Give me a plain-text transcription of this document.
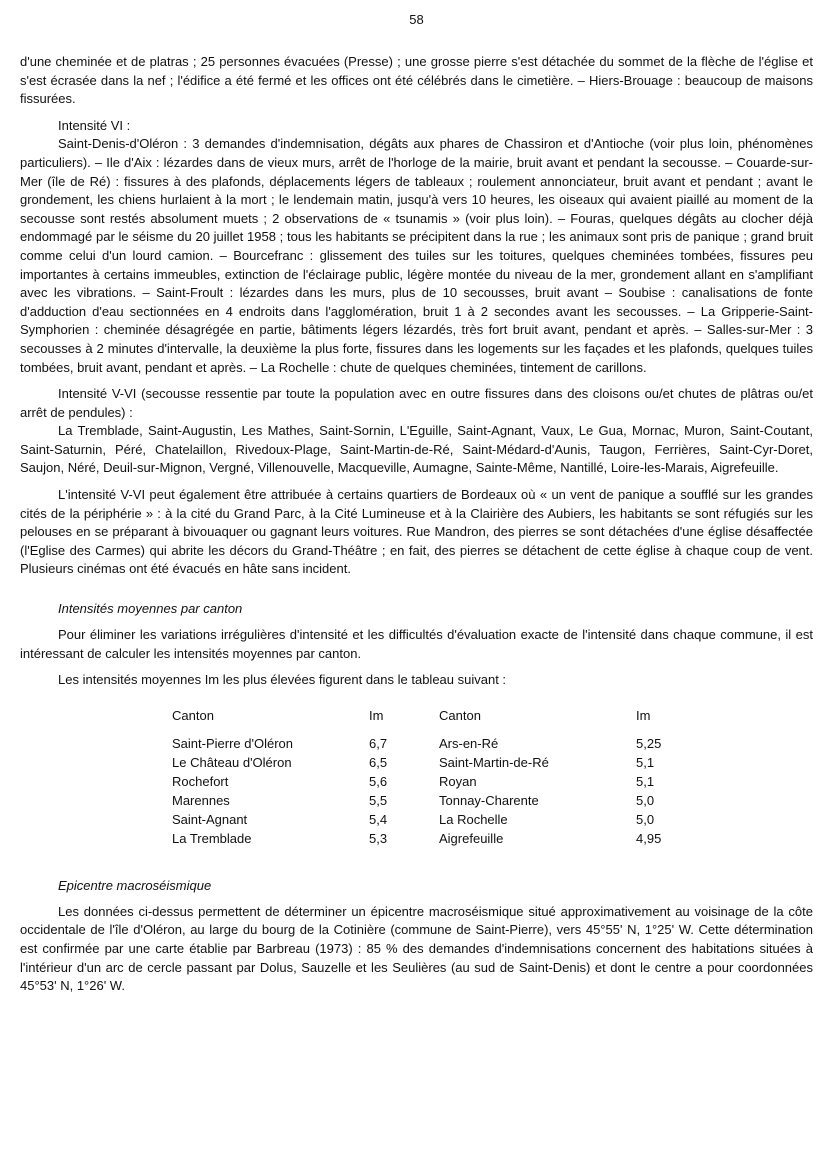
58

d'une cheminée et de platras ; 25 personnes évacuées (Presse) ; une grosse pierre s'est détachée du sommet de la flèche de l'église et s'est écrasée dans la nef ; l'édifice a été fermé et les offices ont été célébrés dans le cimetière. – Hiers-Brouage : beaucoup de maisons fissurées.

Intensité VI :

Saint-Denis-d'Oléron : 3 demandes d'indemnisation, dégâts aux phares de Chassiron et d'Antioche (voir plus loin, phénomènes particuliers). – Ile d'Aix : lézardes dans de vieux murs, arrêt de l'horloge de la mairie, bruit avant et pendant la secousse. – Couarde-sur-Mer (île de Ré) : fissures à des plafonds, déplacements légers de tableaux ; roulement annonciateur, bruit avant et pendant ; avant le grondement, les chiens hurlaient à la mort ; le lendemain matin, jusqu'à vers 10 heures, les oiseaux qui avaient piaillé au moment de la secousse sont restés absolument muets ; 2 observations de « tsunamis » (voir plus loin). – Fouras, quelques dégâts au clocher déjà endommagé par le séisme du 20 juillet 1958 ; tous les habitants se précipitent dans la rue ; les animaux sont pris de panique ; grand bruit comme celui d'un lourd camion. – Bourcefranc : glissement des tuiles sur les toitures, quelques cheminées tombées, fissures peu importantes à certains immeubles, extinction de l'éclairage public, légère montée du niveau de la mer, grondement allant en s'amplifiant avec les vibrations. – Saint-Froult : lézardes dans les murs, plus de 10 secousses, bruit avant – Soubise : canalisations de fonte d'adduction d'eau sectionnées en 4 endroits dans l'agglomération, bruit 1 à 2 secondes avant les secousses. – La Gripperie-Saint-Symphorien : cheminée désagrégée en partie, bâtiments légers lézardés, très fort bruit avant, pendant et après. – Salles-sur-Mer : 3 secousses à 2 minutes d'intervalle, la deuxième la plus forte, fissures dans les logements sur les façades et les plafonds, quelques tuiles tombées, bruit avant, pendant et après. – La Rochelle : chute de quelques cheminées, tintement de carillons.

Intensité V-VI (secousse ressentie par toute la population avec en outre fissures dans des cloisons ou/et chutes de plâtras ou/et arrêt de pendules) :

La Tremblade, Saint-Augustin, Les Mathes, Saint-Sornin, L'Eguille, Saint-Agnant, Vaux, Le Gua, Mornac, Muron, Saint-Coutant, Saint-Saturnin, Péré, Chatelaillon, Rivedoux-Plage, Saint-Martin-de-Ré, Saint-Médard-d'Aunis, Taugon, Ferrières, Saint-Cyr-Doret, Saujon, Néré, Deuil-sur-Mignon, Vergné, Villenouvelle, Macqueville, Aumagne, Sainte-Même, Nantillé, Loire-les-Marais, Aigrefeuille.

L'intensité V-VI peut également être attribuée à certains quartiers de Bordeaux où « un vent de panique a soufflé sur les grandes cités de la périphérie » : à la cité du Grand Parc, à la Cité Lumineuse et à la Clairière des Aubiers, les habitants se sont réfugiés sur les pelouses en se préparant à bivouaquer ou gagnant leurs voitures. Rue Mandron, des pierres se sont détachées d'une église désaffectée (l'Eglise des Carmes) qui abrite les décors du Grand-Théâtre ; en fait, des pierres se détachent de cette église à chaque coup de vent. Plusieurs cinémas ont été évacués en hâte sans incident.

Intensités moyennes par canton

Pour éliminer les variations irrégulières d'intensité et les difficultés d'évaluation exacte de l'intensité dans chaque commune, il est intéressant de calculer les intensités moyennes par canton.

Les intensités moyennes Im les plus élevées figurent dans le tableau suivant :

Canton	Im	Canton	Im
Saint-Pierre d'Oléron	6,7	Ars-en-Ré	5,25
Le Château d'Oléron	6,5	Saint-Martin-de-Ré	5,1
Rochefort	5,6	Royan	5,1
Marennes	5,5	Tonnay-Charente	5,0
Saint-Agnant	5,4	La Rochelle	5,0
La Tremblade	5,3	Aigrefeuille	4,95
Epicentre macroséismique

Les données ci-dessus permettent de déterminer un épicentre macroséismique situé approximativement au voisinage de la côte occidentale de l'île d'Oléron, au large du bourg de la Cotinière (commune de Saint-Pierre), vers 45°55' N, 1°25' W. Cette détermination est confirmée par une carte établie par Barbreau (1973) : 85 % des demandes d'indemnisations concernent des habitations situées à l'intérieur d'un arc de cercle passant par Dolus, Sauzelle et les Seulières (au sud de Saint-Denis) et dont le centre a pour coordonnées 45°53' N, 1°26' W.
